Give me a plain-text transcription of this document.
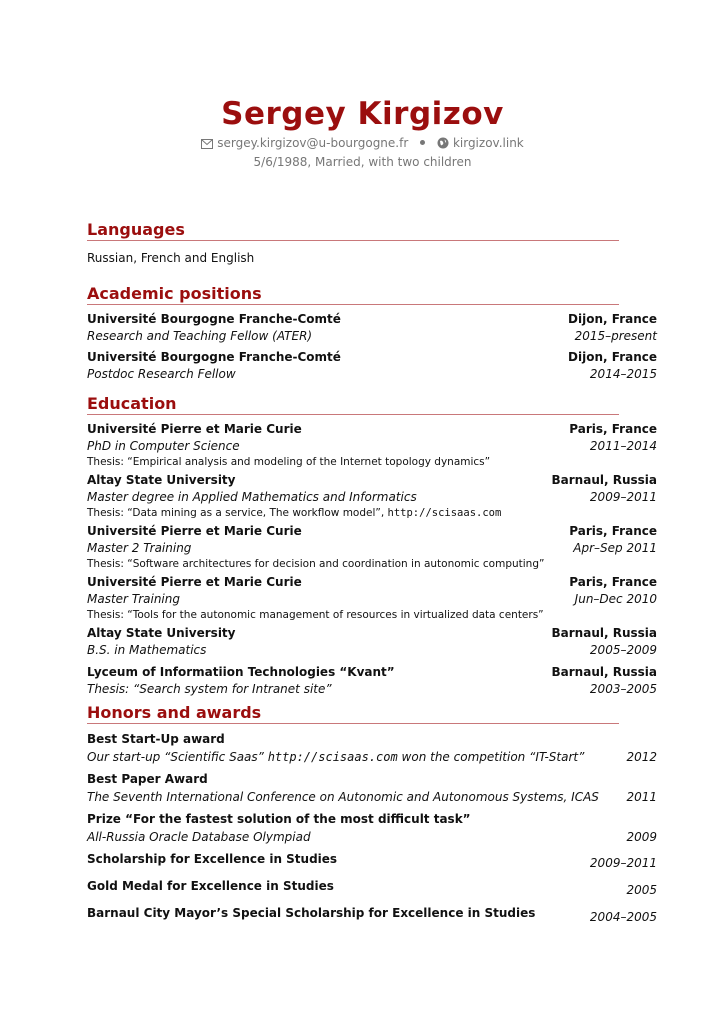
Sergey Kirgizov
sergey.kirgizov@u-bourgogne.fr	kirgizov.link
5/6/1988, Married, with two children
Languages
Russian, French and English
Academic positions
Université Bourgogne Franche-Comté	Dijon, France
Research and Teaching Fellow (ATER)	2015–present
Université Bourgogne Franche-Comté	Dijon, France
Postdoc Research Fellow	2014–2015
Education
Université Pierre et Marie Curie	Paris, France
PhD in Computer Science	2011–2014
Thesis: “Empirical analysis and modeling of the Internet topology dynamics”
Altay State University	Barnaul, Russia
Master degree in Applied Mathematics and Informatics	2009–2011
Thesis: “Data mining as a service, The workflow model”, http://scisaas.com
Université Pierre et Marie Curie	Paris, France
Master 2 Training	Apr–Sep 2011
Thesis: “Software architectures for decision and coordination in autonomic computing”
Université Pierre et Marie Curie	Paris, France
Master Training	Jun–Dec 2010
Thesis: “Tools for the autonomic management of resources in virtualized data centers”
Altay State University	Barnaul, Russia
B.S. in Mathematics	2005–2009
Lyceum of Informatiion Technologies “Kvant”	Barnaul, Russia
Thesis: “Search system for Intranet site”	2003–2005
Honors and awards
Best Start-Up award
Our start-up “Scientific Saas” http://scisaas.com won the competition “IT-Start”	2012
Best Paper Award
The Seventh International Conference on Autonomic and Autonomous Systems, ICAS 2011
Prize “For the fastest solution of the most difficult task”
All-Russia Oracle Database Olympiad	2009
Scholarship for Excellence in Studies	2009–2011
Gold Medal for Excellence in Studies	2005
Barnaul City Mayor’s Special Scholarship for Excellence in Studies	2004–2005
